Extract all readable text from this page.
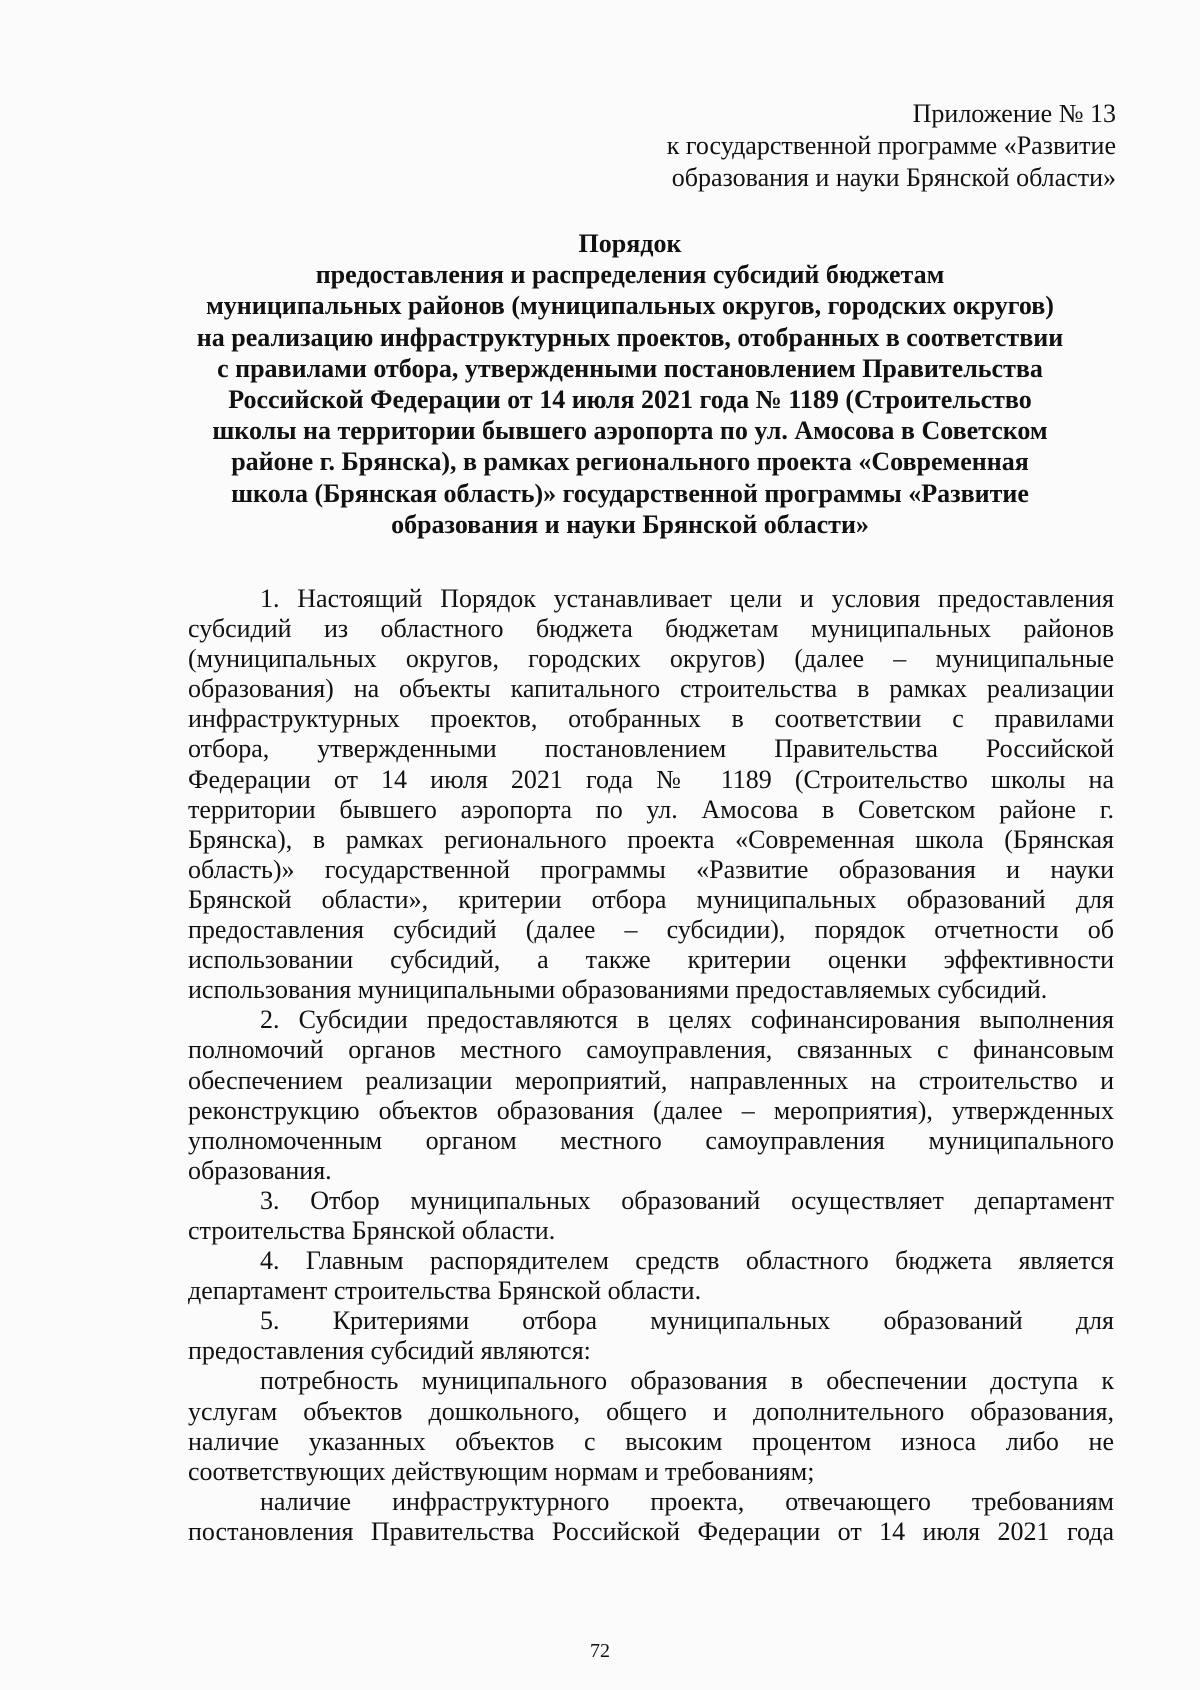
Приложение № 13
к государственной программе «Развитие
образования и науки Брянской области»
Порядок
предоставления и распределения субсидий бюджетам
муниципальных районов (муниципальных округов, городских округов)
на реализацию инфраструктурных проектов, отобранных в соответствии
с правилами отбора, утвержденными постановлением Правительства
Российской Федерации от 14 июля 2021 года № 1189 (Строительство
школы на территории бывшего аэропорта по ул. Амосова в Советском
районе г. Брянска), в рамках регионального проекта «Современная
школа (Брянская область)» государственной программы «Развитие
образования и науки Брянской области»
1. Настоящий Порядок устанавливает цели и условия предоставления
субсидий из областного бюджета бюджетам муниципальных районов
(муниципальных округов, городских округов) (далее – муниципальные
образования) на объекты капитального строительства в рамках реализации
инфраструктурных проектов, отобранных в соответствии с правилами
отбора, утвержденными постановлением Правительства Российской
Федерации от 14 июля 2021 года № 1189 (Строительство школы на
территории бывшего аэропорта по ул. Амосова в Советском районе г.
Брянска), в рамках регионального проекта «Современная школа (Брянская
область)» государственной программы «Развитие образования и науки
Брянской области», критерии отбора муниципальных образований для
предоставления субсидий (далее – субсидии), порядок отчетности об
использовании субсидий, а также критерии оценки эффективности
использования муниципальными образованиями предоставляемых субсидий.
2. Субсидии предоставляются в целях софинансирования выполнения
полномочий органов местного самоуправления, связанных с финансовым
обеспечением реализации мероприятий, направленных на строительство и
реконструкцию объектов образования (далее – мероприятия), утвержденных
уполномоченным органом местного самоуправления муниципального
образования.
3. Отбор муниципальных образований осуществляет департамент
строительства Брянской области.
4. Главным распорядителем средств областного бюджета является
департамент строительства Брянской области.
5. Критериями отбора муниципальных образований для
предоставления субсидий являются:
потребность муниципального образования в обеспечении доступа к
услугам объектов дошкольного, общего и дополнительного образования,
наличие указанных объектов с высоким процентом износа либо не
соответствующих действующим нормам и требованиям;
наличие инфраструктурного проекта, отвечающего требованиям
постановления Правительства Российской Федерации от 14 июля 2021 года
72
